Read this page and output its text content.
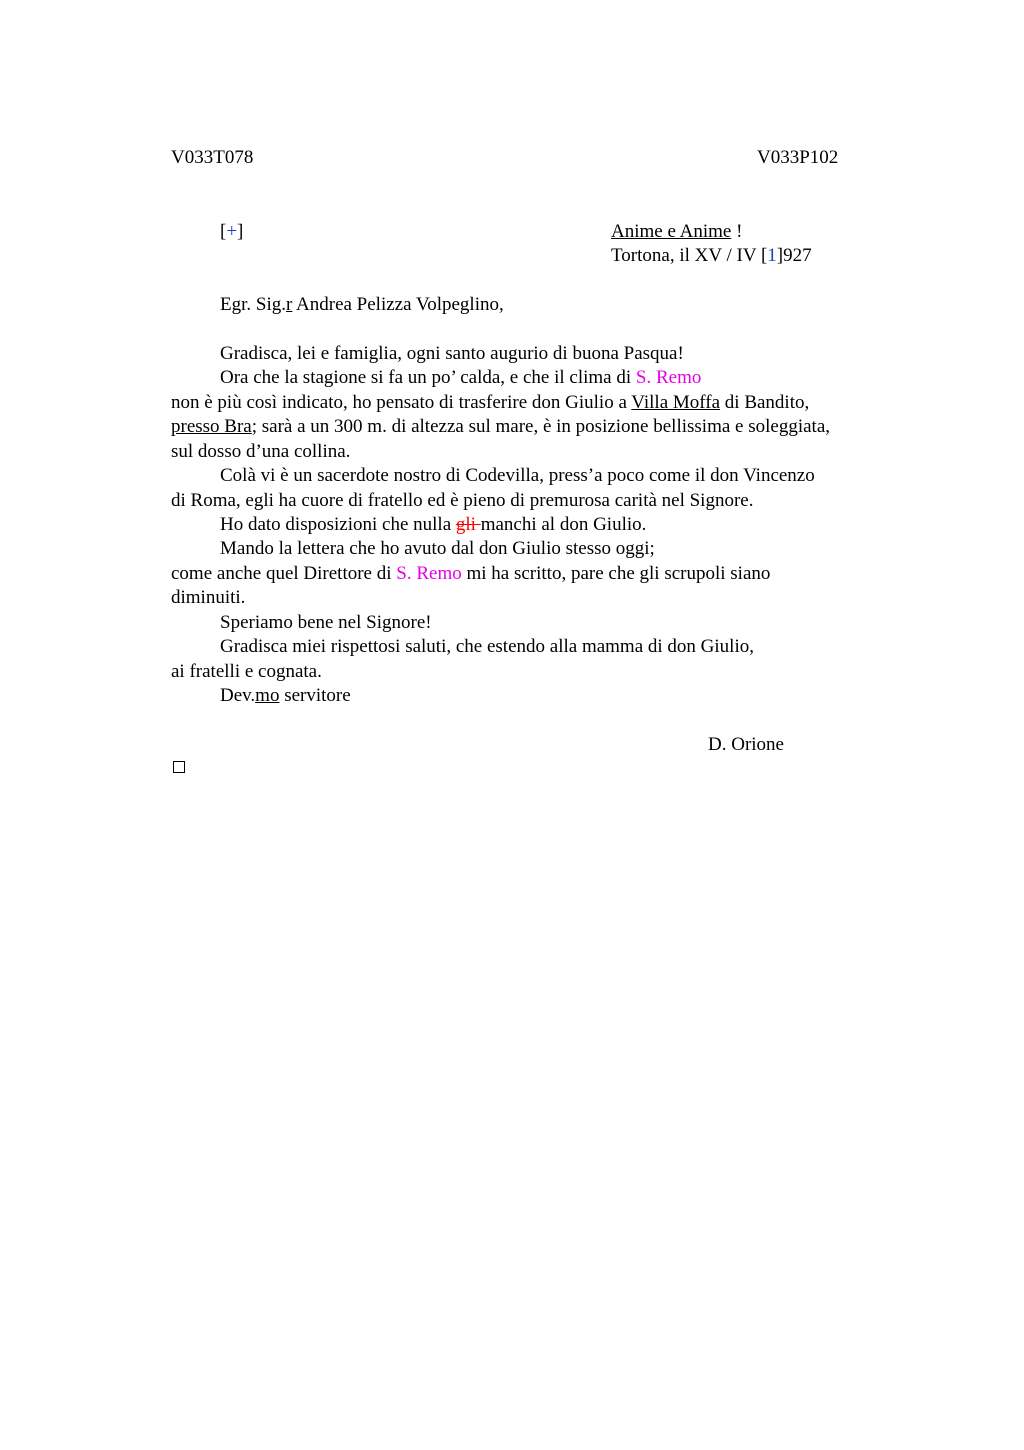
V033T078	V033P102
[+]	Anime e Anime !
Tortona, il XV / IV [1]927
Egr. Sig.r Andrea Pelizza Volpeglino,
Gradisca, lei e famiglia, ogni santo augurio di buona Pasqua!
Ora che la stagione si fa un po’ calda, e che il clima di S. Remo
non è più così indicato, ho pensato di trasferire don Giulio a Villa Moffa di Bandito,
presso Bra; sarà a un 300 m. di altezza sul mare, è in posizione bellissima e soleggiata,
sul dosso d’una collina.
Colà vi è un sacerdote nostro di Codevilla, press’a poco come il don Vincenzo
di Roma, egli ha cuore di fratello ed è pieno di premurosa carità nel Signore.
Ho dato disposizioni che nulla gli manchi al don Giulio.
Mando la lettera che ho avuto dal don Giulio stesso oggi;
come anche quel Direttore di S. Remo mi ha scritto, pare che gli scrupoli siano
diminuiti.
Speriamo bene nel Signore!
Gradisca miei rispettosi saluti, che estendo alla mamma di don Giulio,
ai fratelli e cognata.
Dev.mo servitore
D. Orione
